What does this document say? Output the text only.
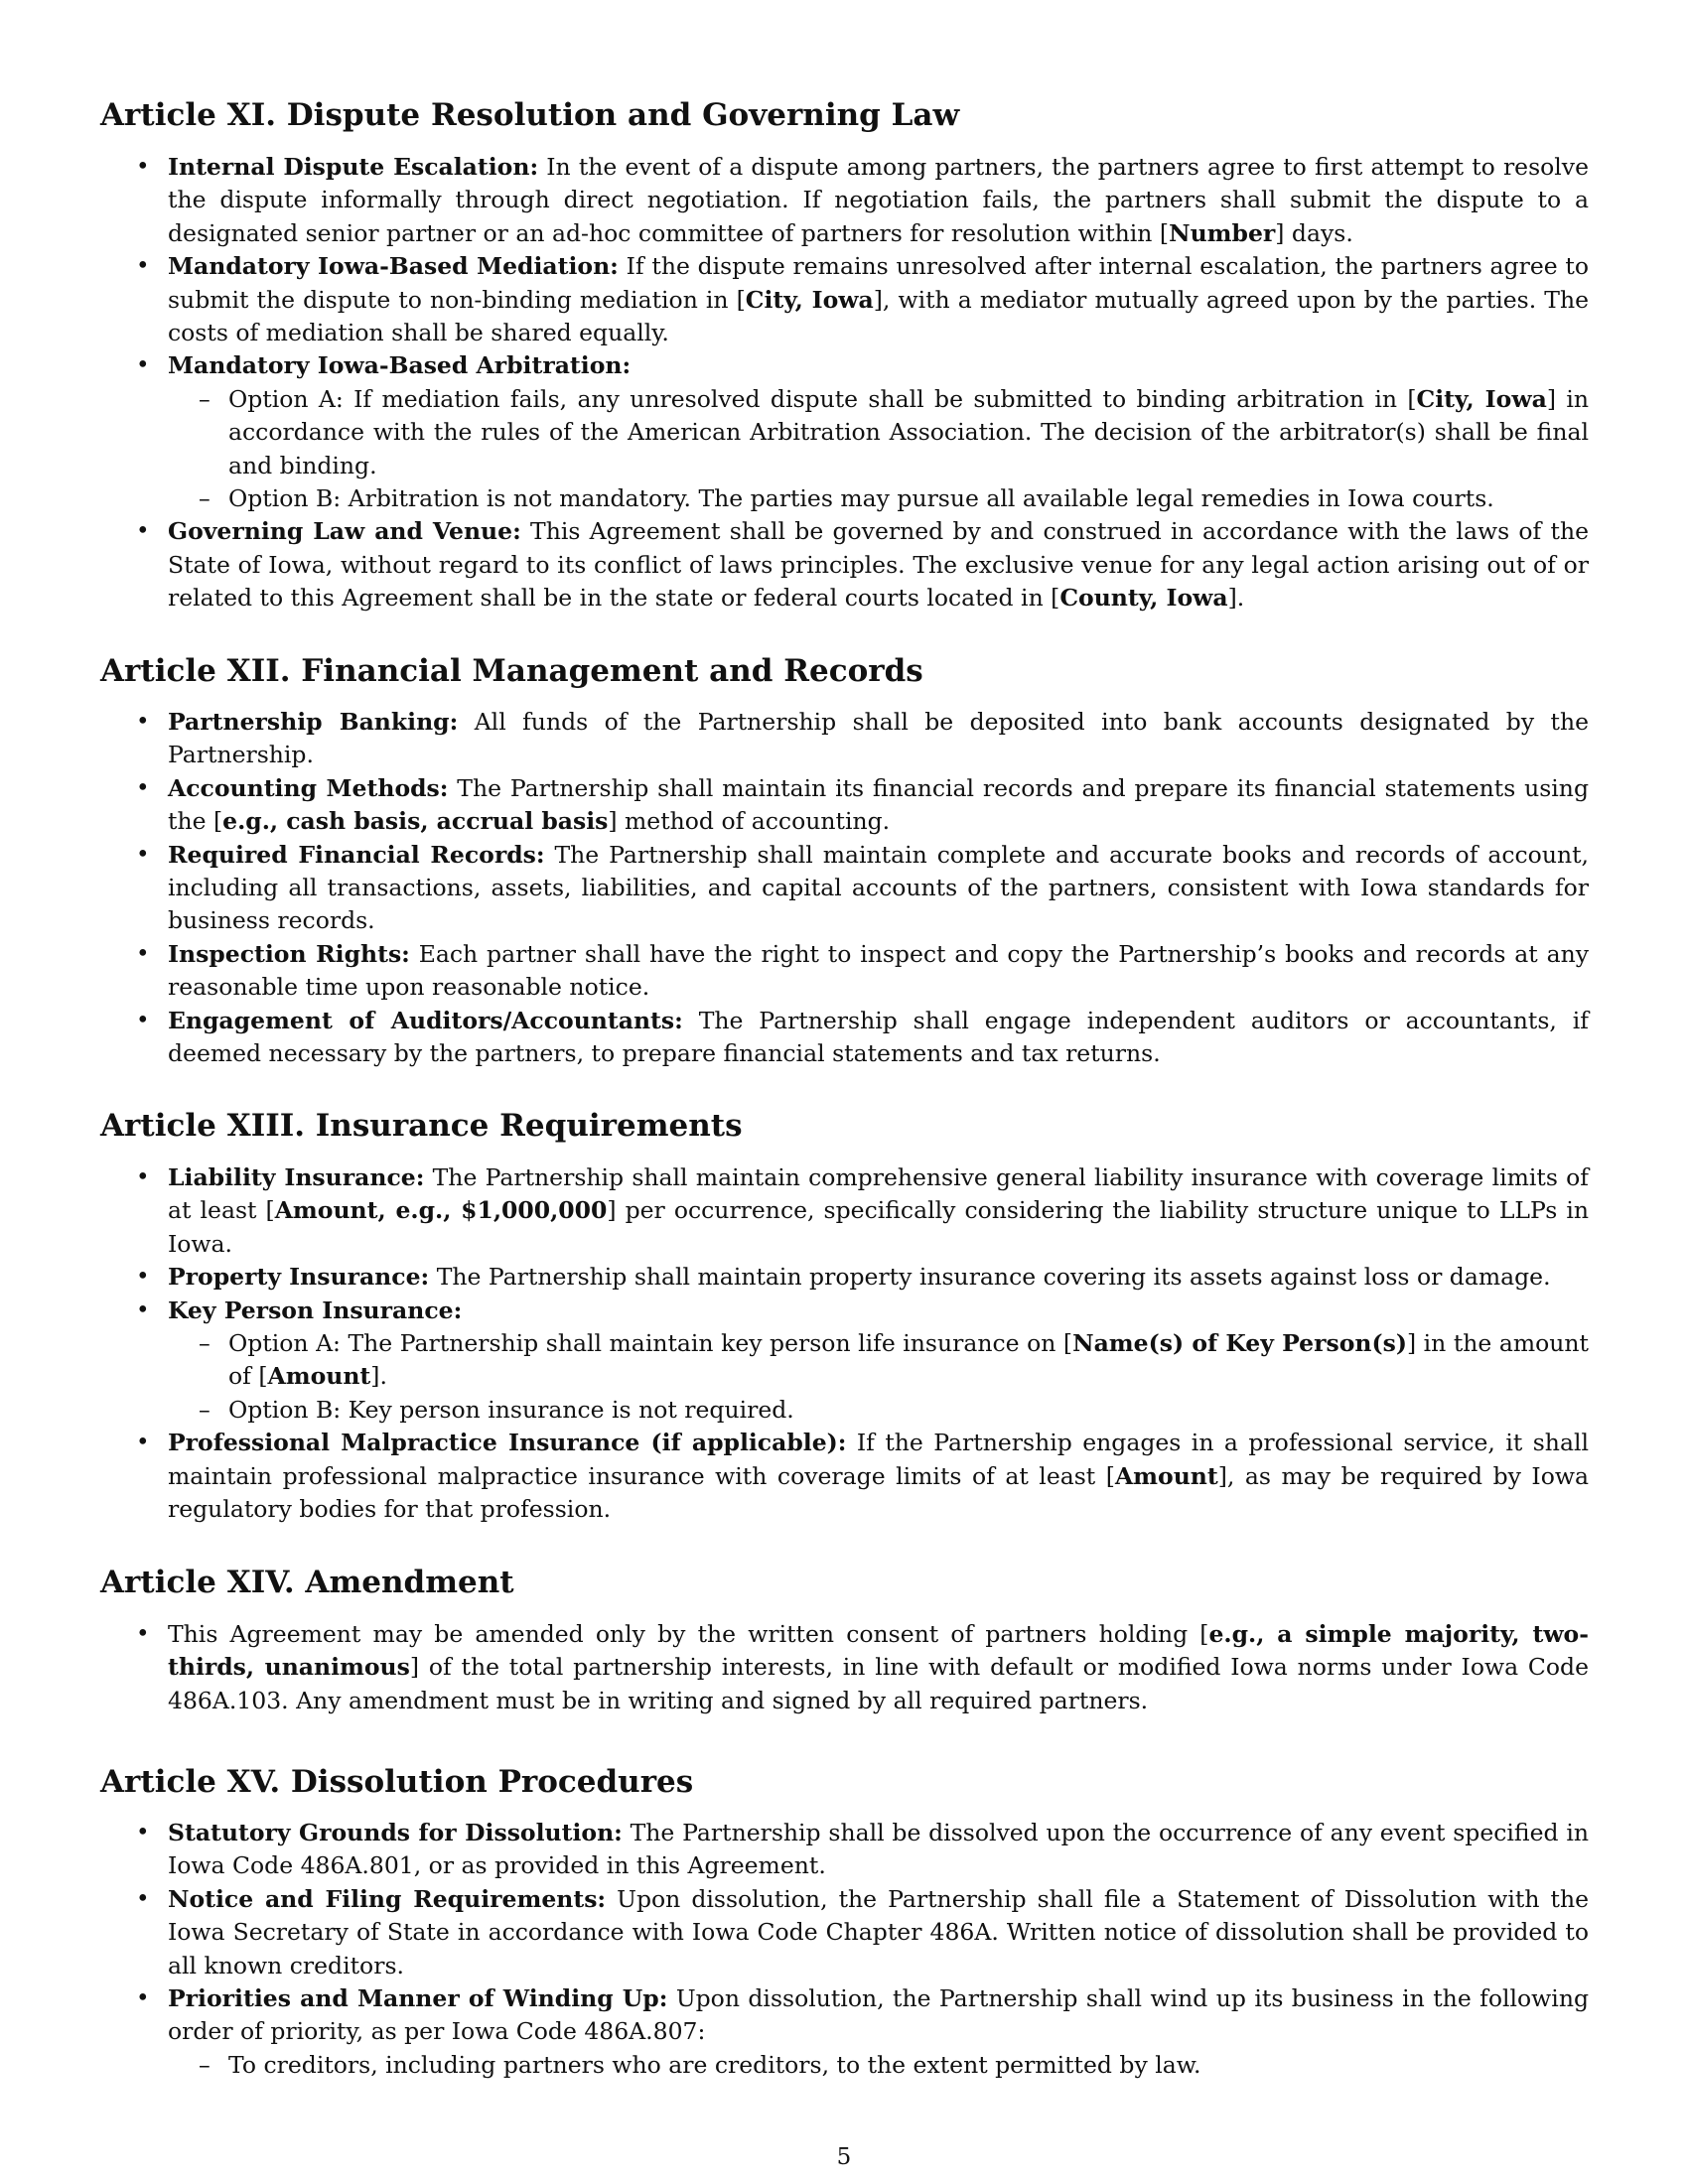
Article XI. Dispute Resolution and Governing Law
• Internal Dispute Escalation: In the event of a dispute among partners, the partners agree to first attempt to resolve the dispute informally through direct negotiation. If negotiation fails, the partners shall submit the dispute to a designated senior partner or an ad-hoc committee of partners for resolution within [Number] days.
• Mandatory Iowa-Based Mediation: If the dispute remains unresolved after internal escalation, the partners agree to submit the dispute to non-binding mediation in [City, Iowa], with a mediator mutually agreed upon by the parties. The costs of mediation shall be shared equally.
• Mandatory Iowa-Based Arbitration:
– Option A: If mediation fails, any unresolved dispute shall be submitted to binding arbitration in [City, Iowa] in accordance with the rules of the American Arbitration Association. The decision of the arbitrator(s) shall be final and binding.
– Option B: Arbitration is not mandatory. The parties may pursue all available legal remedies in Iowa courts.
• Governing Law and Venue: This Agreement shall be governed by and construed in accordance with the laws of the State of Iowa, without regard to its conflict of laws principles. The exclusive venue for any legal action arising out of or related to this Agreement shall be in the state or federal courts located in [County, Iowa].
Article XII. Financial Management and Records
• Partnership Banking: All funds of the Partnership shall be deposited into bank accounts designated by the Partnership.
• Accounting Methods: The Partnership shall maintain its financial records and prepare its financial statements using the [e.g., cash basis, accrual basis] method of accounting.
• Required Financial Records: The Partnership shall maintain complete and accurate books and records of account, including all transactions, assets, liabilities, and capital accounts of the partners, consistent with Iowa standards for business records.
• Inspection Rights: Each partner shall have the right to inspect and copy the Partnership’s books and records at any reasonable time upon reasonable notice.
• Engagement of Auditors/Accountants: The Partnership shall engage independent auditors or accountants, if deemed necessary by the partners, to prepare financial statements and tax returns.
Article XIII. Insurance Requirements
• Liability Insurance: The Partnership shall maintain comprehensive general liability insurance with coverage limits of at least [Amount, e.g., $1,000,000] per occurrence, specifically considering the liability structure unique to LLPs in Iowa.
• Property Insurance: The Partnership shall maintain property insurance covering its assets against loss or damage.
• Key Person Insurance:
– Option A: The Partnership shall maintain key person life insurance on [Name(s) of Key Person(s)] in the amount of [Amount].
– Option B: Key person insurance is not required.
• Professional Malpractice Insurance (if applicable): If the Partnership engages in a professional service, it shall maintain professional malpractice insurance with coverage limits of at least [Amount], as may be required by Iowa regulatory bodies for that profession.
Article XIV. Amendment
• This Agreement may be amended only by the written consent of partners holding [e.g., a simple majority, two-thirds, unanimous] of the total partnership interests, in line with default or modified Iowa norms under Iowa Code 486A.103. Any amendment must be in writing and signed by all required partners.
Article XV. Dissolution Procedures
• Statutory Grounds for Dissolution: The Partnership shall be dissolved upon the occurrence of any event specified in Iowa Code 486A.801, or as provided in this Agreement.
• Notice and Filing Requirements: Upon dissolution, the Partnership shall file a Statement of Dissolution with the Iowa Secretary of State in accordance with Iowa Code Chapter 486A. Written notice of dissolution shall be provided to all known creditors.
• Priorities and Manner of Winding Up: Upon dissolution, the Partnership shall wind up its business in the following order of priority, as per Iowa Code 486A.807:
– To creditors, including partners who are creditors, to the extent permitted by law.
5
